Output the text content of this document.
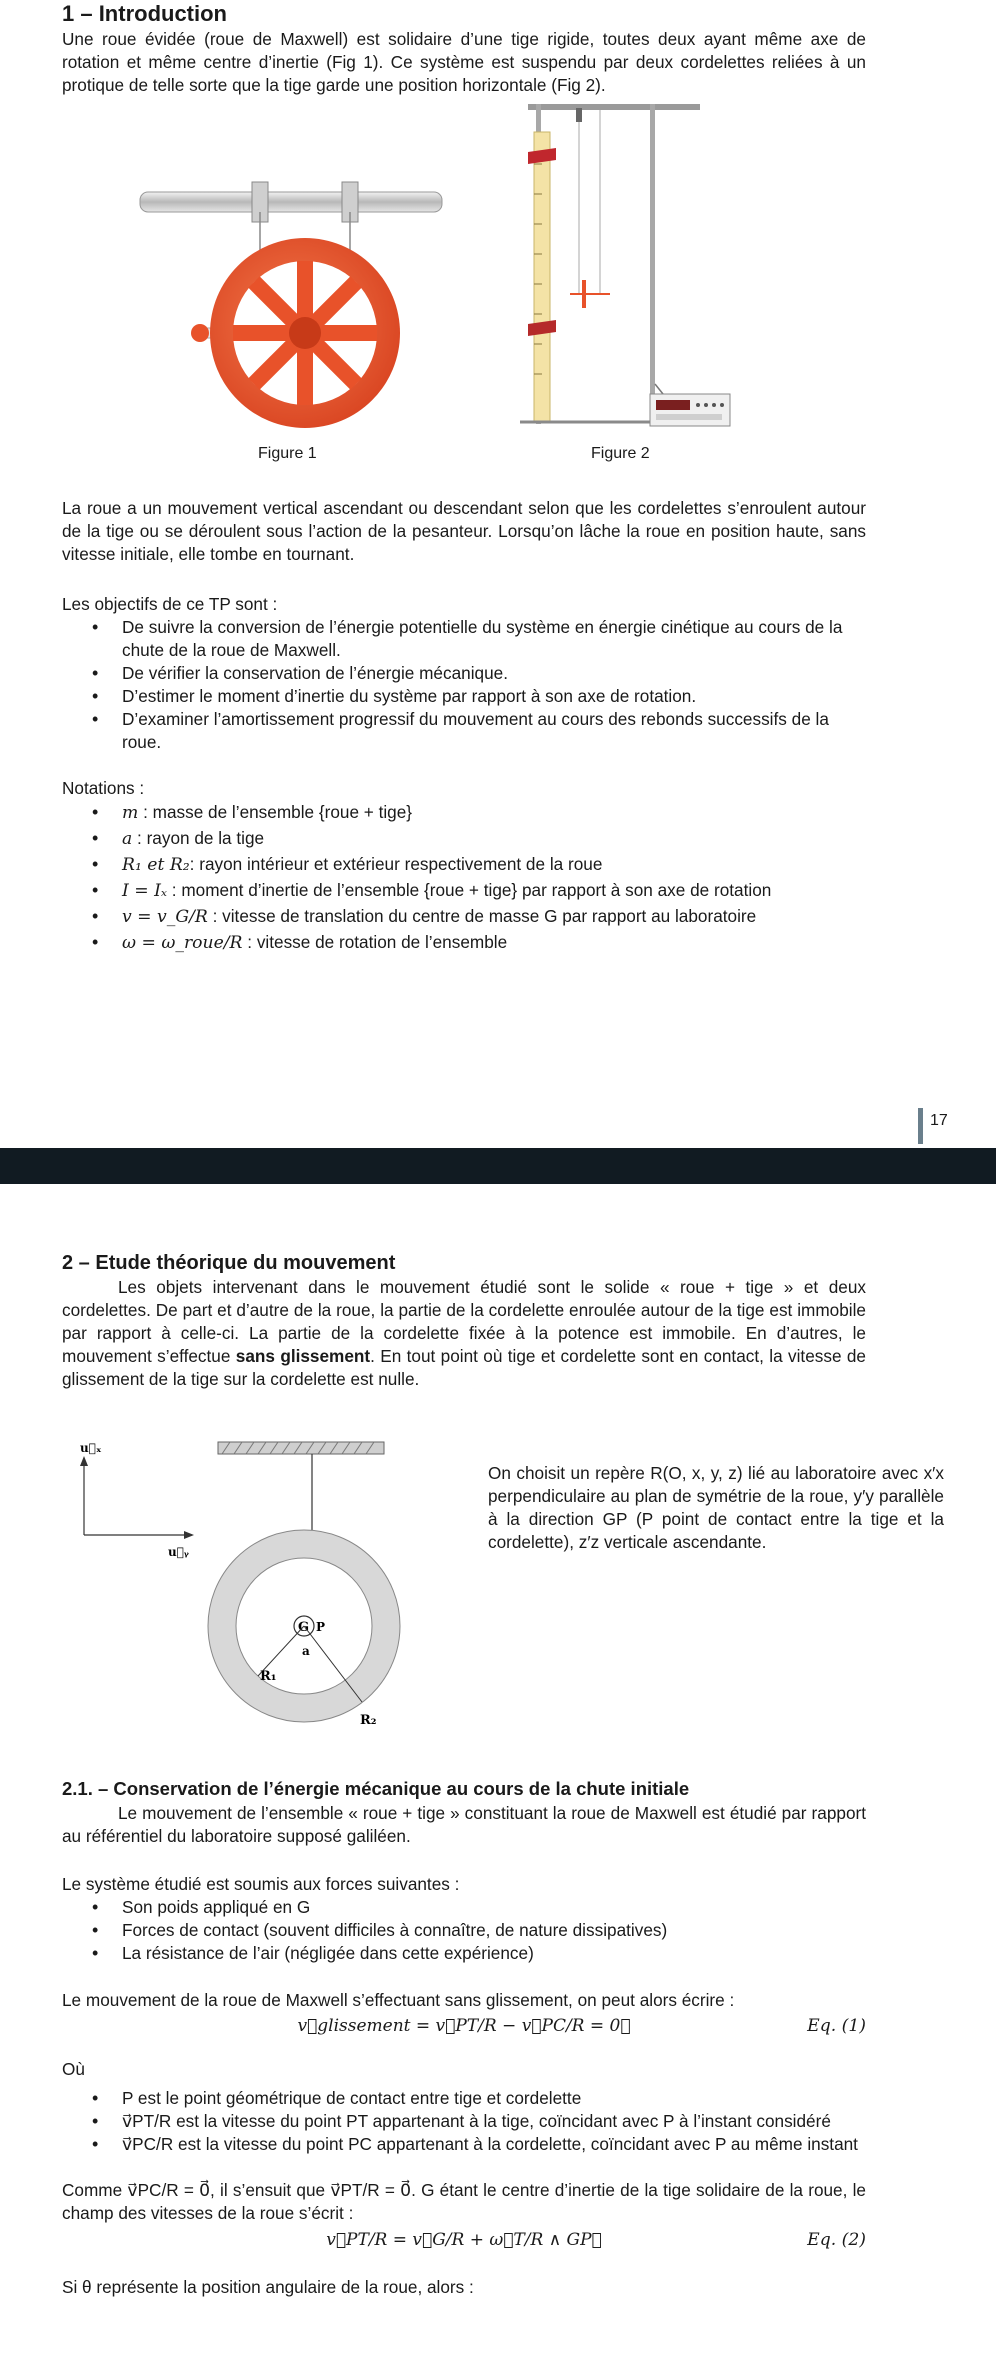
1 – Introduction

Une roue évidée (roue de Maxwell) est solidaire d’une tige rigide, toutes deux ayant même axe de rotation et même centre d’inertie (Fig 1). Ce système est suspendu par deux cordelettes reliées à un protique de telle sorte que la tige garde une position horizontale (Fig 2).

Figure 1	Figure 2

La roue a un mouvement vertical ascendant ou descendant selon que les cordelettes s’enroulent autour de la tige ou se déroulent sous l’action de la pesanteur. Lorsqu’on lâche la roue en position haute, sans vitesse initiale, elle tombe en tournant.

Les objectifs de ce TP sont :

• De suivre la conversion de l’énergie potentielle du système en énergie cinétique au cours de la chute de la roue de Maxwell.
• De vérifier la conservation de l’énergie mécanique.
• D’estimer le moment d’inertie du système par rapport à son axe de rotation.
• D’examiner l’amortissement progressif du mouvement au cours des rebonds successifs de la roue.

Notations :

• m : masse de l’ensemble {roue + tige}
• a : rayon de la tige
• R₁ et R₂: rayon intérieur et extérieur respectivement de la roue
• I = Iₓ : moment d’inertie de l’ensemble {roue + tige} par rapport à son axe de rotation
• v = v_G/R : vitesse de translation du centre de masse G par rapport au laboratoire
• ω = ω_roue/R : vitesse de rotation de l’ensemble
17
2 – Etude théorique du mouvement

Les objets intervenant dans le mouvement étudié sont le solide « roue + tige » et deux cordelettes. De part et d’autre de la roue, la partie de la cordelette enroulée autour de la tige est immobile par rapport à celle-ci. La partie de la cordelette fixée à la potence est immobile. En d’autres, le mouvement s’effectue sans glissement. En tout point où tige et cordelette sont en contact, la vitesse de glissement de la tige sur la cordelette est nulle.

u⃗ₓ
u⃗ᵧ
G P
a
R₁
R₂

On choisit un repère R(O, x, y, z) lié au laboratoire avec x′x perpendiculaire au plan de symétrie de la roue, y′y parallèle à la direction GP (P point de contact entre la tige et la cordelette), z′z verticale ascendante.

2.1. – Conservation de l’énergie mécanique au cours de la chute initiale

Le mouvement de l’ensemble « roue + tige » constituant la roue de Maxwell est étudié par rapport au référentiel du laboratoire supposé galiléen.

Le système étudié est soumis aux forces suivantes :

• Son poids appliqué en G
• Forces de contact (souvent difficiles à connaître, de nature dissipatives)
• La résistance de l’air (négligée dans cette expérience)

Le mouvement de la roue de Maxwell s’effectuant sans glissement, on peut alors écrire :

v⃗glissement = v⃗PT/R − v⃗PC/R = 0⃗	Eq. (1)

Où

• P est le point géométrique de contact entre tige et cordelette
• v⃗PT/R est la vitesse du point PT appartenant à la tige, coïncidant avec P à l’instant considéré
• v⃗PC/R est la vitesse du point PC appartenant à la cordelette, coïncidant avec P au même instant

Comme v⃗PC/R = 0⃗, il s’ensuit que v⃗PT/R = 0⃗. G étant le centre d’inertie de la tige solidaire de la roue, le champ des vitesses de la roue s’écrit :

v⃗PT/R = v⃗G/R + ω⃗T/R ∧ GP⃗	Eq. (2)

Si θ représente la position angulaire de la roue, alors :
